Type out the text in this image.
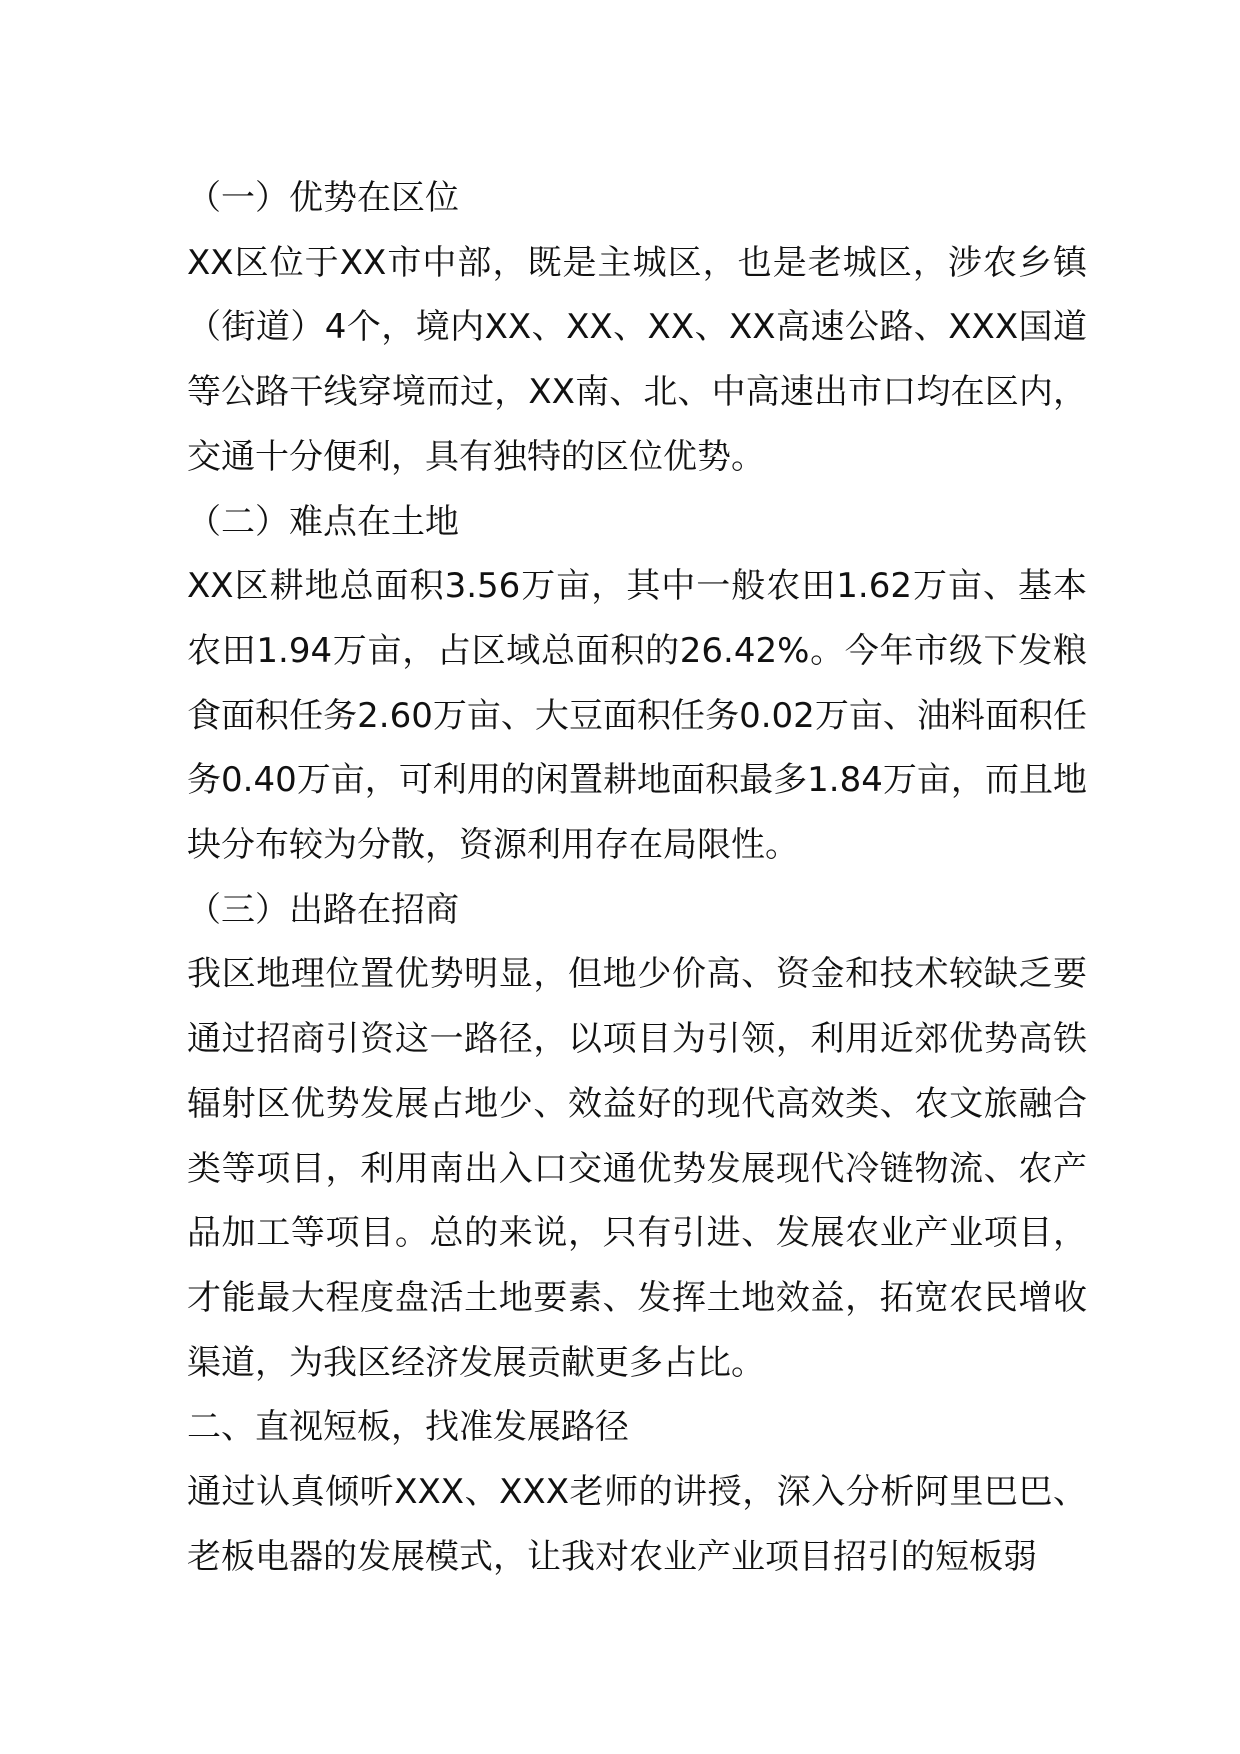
（一）优势在区位

XX区位于XX市中部，既是主城区，也是老城区，涉农乡镇（街道）4个，境内XX、XX、XX、XX高速公路、XXX国道等公路干线穿境而过，XX南、北、中高速出市口均在区内，交通十分便利，具有独特的区位优势。

（二）难点在土地

XX区耕地总面积3.56万亩，其中一般农田1.62万亩、基本农田1.94万亩，占区域总面积的26.42%。今年市级下发粮食面积任务2.60万亩、大豆面积任务0.02万亩、油料面积任务0.40万亩，可利用的闲置耕地面积最多1.84万亩，而且地块分布较为分散，资源利用存在局限性。

（三）出路在招商

我区地理位置优势明显，但地少价高、资金和技术较缺乏要通过招商引资这一路径，以项目为引领，利用近郊优势高铁辐射区优势发展占地少、效益好的现代高效类、农文旅融合类等项目，利用南出入口交通优势发展现代冷链物流、农产品加工等项目。总的来说，只有引进、发展农业产业项目，才能最大程度盘活土地要素、发挥土地效益，拓宽农民增收渠道，为我区经济发展贡献更多占比。

二、直视短板，找准发展路径

通过认真倾听XXX、XXX老师的讲授，深入分析阿里巴巴、老板电器的发展模式，让我对农业产业项目招引的短板弱
